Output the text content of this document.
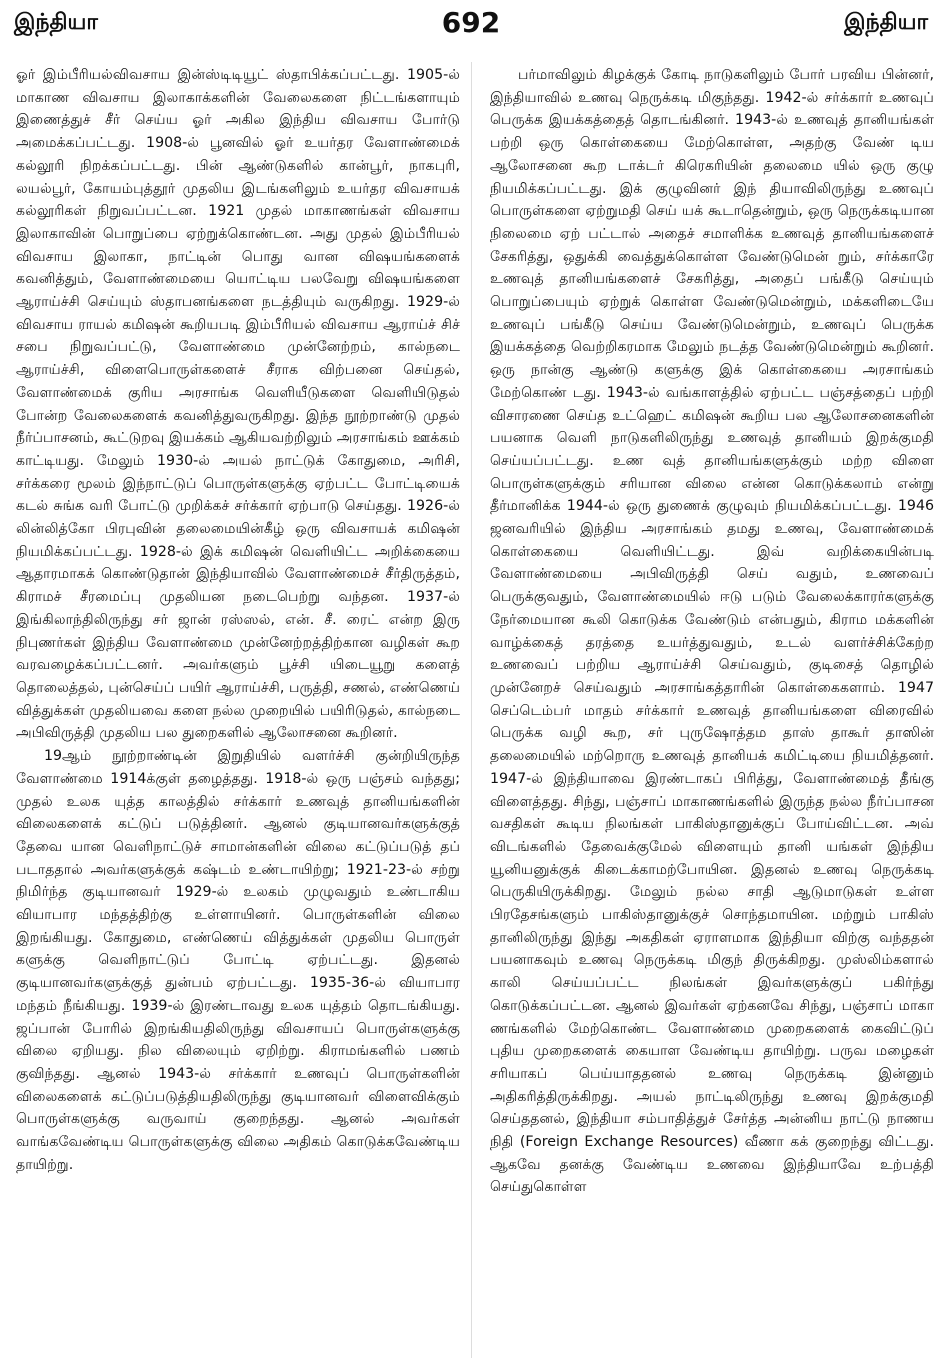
இந்தியா	692	இந்தியா

ஓர் இம்பீரியல்விவசாய இன்ஸ்டிடியூட் ஸ்தாபிக்கப்பட்டது. 1905-ல் மாகாண விவசாய இலாகாக்களின் வேலைகளை நிட்டங்களாயும் இணைத்துச் சீர் செய்ய ஓர் அகில இந்திய விவசாய போர்டு அமைக்கப்பட்டது. 1908-ல் பூனவில் ஓர் உயர்தர வேளாண்மைக் கல்லூரி நிறக்கப்பட்டது. பின் ஆண்டுகளில் கான்பூர், நாகபுரி, லயல்பூர், கோயம்புத்தூர் முதலிய இடங்களிலும் உயர்தர விவசாயக் கல்லூரிகள் நிறுவப்பட்டன. 1921 முதல் மாகாணங்கள் விவசாய இலாகாவின் பொறுப்பை ஏற்றுக்கொண்டன. அது முதல் இம்பீரியல் விவசாய இலாகா, நாட்டின் பொது வான விஷயங்களைக் கவனித்தும், வேளாண்மையை யொட்டிய பலவேறு விஷயங்களை ஆராய்ச்சி செய்யும் ஸ்தாபனங்களை நடத்தியும் வருகிறது. 1929-ல் விவசாய ராயல் கமிஷன் கூறியபடி இம்பீரியல் விவசாய ஆராய்ச் சிச் சபை நிறுவப்பட்டு, வேளாண்மை முன்னேற்றம், கால்நடை ஆராய்ச்சி, விளைபொருள்களைச் சீராக விற்பனை செய்தல், வேளாண்மைக் குரிய அரசாங்க வெளியீடுகளை வெளியிடுதல் போன்ற வேலைகளைக் கவனித்துவருகிறது. இந்த நூற்றாண்டு முதல் நீர்ப்பாசனம், கூட்டுறவு இயக்கம் ஆகியவற்றிலும் அரசாங்கம் ஊக்கம் காட்டியது. மேலும் 1930-ல் அயல் நாட்டுக் கோதுமை, அரிசி, சர்க்கரை மூலம் இந்நாட்டுப் பொருள்களுக்கு ஏற்பட்ட போட்டியைக் கடல் சுங்க வரி போட்டு முறிக்கச் சர்க்கார் ஏற்பாடு செய்தது. 1926-ல் லின்லித்கோ பிரபுவின் தலைமையின்கீழ் ஒரு விவசாயக் கமிஷன் நியமிக்கப்பட்டது. 1928-ல் இக் கமிஷன் வெளியிட்ட அறிக்கையை ஆதாரமாகக் கொண்டுதான் இந்தியாவில் வேளாண்மைச் சீர்திருத்தம், கிராமச் சீரமைப்பு முதலியன நடைபெற்று வந்தன. 1937-ல் இங்கிலாந்திலிருந்து சர் ஜான் ரஸ்ஸல், என். சீ. ரைட் என்ற இரு நிபுணர்கள் இந்திய வேளாண்மை முன்னேற்றத்திற்கான வழிகள் கூற வரவழைக்கப்பட்டனர். அவர்களும் பூச்சி யிடையூறு களைத் தொலைத்தல், புன்செய்ப் பயிர் ஆராய்ச்சி, பருத்தி, சணல், எண்ணெய் வித்துக்கள் முதலியவை களை நல்ல முறையில் பயிரிடுதல், கால்நடை அபிவிருத்தி முதலிய பல துறைகளில் ஆலோசனை கூறினர்.

19ஆம் நூற்றாண்டின் இறுதியில் வளர்ச்சி குன்றியிருந்த வேளாண்மை 1914க்குள் தழைத்தது. 1918-ல் ஒரு பஞ்சம் வந்தது; முதல் உலக யுத்த காலத்தில் சர்க்கார் உணவுத் தானியங்களின் விலைகளைக் கட்டுப் படுத்தினர். ஆனல் குடியானவர்களுக்குத் தேவை யான வெளிநாட்டுச் சாமான்களின் விலை கட்டுப்படுத் தப் படாததால் அவர்களுக்குக் கஷ்டம் உண்டாயிற்று; 1921-23-ல் சற்று நிமிர்ந்த குடியானவர் 1929-ல் உலகம் முழுவதும் உண்டாகிய வியாபார மந்தத்திற்கு உள்ளாயினர். பொருள்களின் விலை இறங்கியது. கோதுமை, எண்ணெய் வித்துக்கள் முதலிய பொருள் களுக்கு வெளிநாட்டுப் போட்டி ஏற்பட்டது. இதனல் குடியானவர்களுக்குத் துன்பம் ஏற்பட்டது. 1935-36-ல் வியாபார மந்தம் நீங்கியது. 1939-ல் இரண்டாவது உலக யுத்தம் தொடங்கியது. ஜப்பான் போரில் இறங்கியதிலிருந்து விவசாயப் பொருள்களுக்கு விலை ஏறியது. நில விலையும் ஏறிற்று. கிராமங்களில் பணம் குவிந்தது. ஆனல் 1943-ல் சர்க்கார் உணவுப் பொருள்களின் விலைகளைக் கட்டுப்படுத்தியதிலிருந்து குடியானவர் விளைவிக்கும் பொருள்களுக்கு வருவாய் குறைந்தது. ஆனல் அவர்கள் வாங்கவேண்டிய பொருள்களுக்கு விலை அதிகம் கொடுக்கவேண்டிய தாயிற்று.

பர்மாவிலும் கிழக்குக் கோடி நாடுகளிலும் போர் பரவிய பின்னர், இந்தியாவில் உணவு நெருக்கடி மிகுந்தது. 1942-ல் சர்க்கார் உணவுப் பெருக்க இயக்கத்தைத் தொடங்கினர். 1943-ல் உணவுத் தானியங்கள் பற்றி ஒரு கொள்கையை மேற்கொள்ள, அதற்கு வேண் டிய ஆலோசனை கூற டாக்டர் கிரெகரியின் தலைமை யில் ஒரு குழு நியமிக்கப்பட்டது. இக் குழுவினர் இந் தியாவிலிருந்து உணவுப் பொருள்களை ஏற்றுமதி செய் யக் கூடாதென்றும், ஒரு நெருக்கடியான நிலைமை ஏற் பட்டால் அதைச் சமாளிக்க உணவுத் தானியங்களைச் சேகரித்து, ஒதுக்கி வைத்துக்கொள்ள வேண்டுமென் றும், சர்க்காரே உணவுத் தானியங்களைச் சேகரித்து, அதைப் பங்கீடு செய்யும் பொறுப்பையும் ஏற்றுக் கொள்ள வேண்டுமென்றும், மக்களிடையே உணவுப் பங்கீடு செய்ய வேண்டுமென்றும், உணவுப் பெருக்க இயக்கத்தை வெற்றிகரமாக மேலும் நடத்த வேண்டுமென்றும் கூறினர். ஒரு நான்கு ஆண்டு களுக்கு இக் கொள்கையை அரசாங்கம் மேற்கொண் டது. 1943-ல் வங்காளத்தில் ஏற்பட்ட பஞ்சத்தைப் பற்றி விசாரணை செய்த உட்ஹெட் கமிஷன் கூறிய பல ஆலோசனைகளின் பயனாக வெளி நாடுகளிலிருந்து உணவுத் தானியம் இறக்குமதி செய்யப்பட்டது. உண வுத் தானியங்களுக்கும் மற்ற விளை பொருள்களுக்கும் சரியான விலை என்ன கொடுக்கலாம் என்று தீர்மானிக்க 1944-ல் ஒரு துணைக் குழுவும் நியமிக்கப்பட்டது. 1946 ஜனவரியில் இந்திய அரசாங்கம் தமது உணவு, வேளாண்மைக் கொள்கையை வெளியிட்டது. இவ் வறிக்கையின்படி வேளாண்மையை அபிவிருத்தி செய் வதும், உணவைப் பெருக்குவதும், வேளாண்மையில் ஈடு படும் வேலைக்காரர்களுக்கு நேர்மையான கூலி கொடுக்க வேண்டும் என்பதும், கிராம மக்களின் வாழ்க்கைத் தரத்தை உயர்த்துவதும், உடல் வளர்ச்சிக்கேற்ற உணவைப் பற்றிய ஆராய்ச்சி செய்வதும், குடிசைத் தொழில் முன்னேறச் செய்வதும் அரசாங்கத்தாரின் கொள்கைகளாம். 1947 செப்டெம்பர் மாதம் சர்க்கார் உணவுத் தானியங்களை விரைவில் பெருக்க வழி கூற, சர் புருஷோத்தம தாஸ் தாகூர் தாஸின் தலைமையில் மற்றொரு உணவுத் தானியக் கமிட்டியை நியமித்தனர். 1947-ல் இந்தியாவை இரண்டாகப் பிரித்து, வேளாண்மைத் தீங்கு விளைத்தது. சிந்து, பஞ்சாப் மாகாணங்களில் இருந்த நல்ல நீர்ப்பாசன வசதிகள் கூடிய நிலங்கள் பாகிஸ்தானுக்குப் போய்விட்டன. அவ் விடங்களில் தேவைக்குமேல் விளையும் தானி யங்கள் இந்திய யூனியனுக்குக் கிடைக்காமற்போயின. இதனல் உணவு நெருக்கடி பெருகியிருக்கிறது. மேலும் நல்ல சாதி ஆடுமாடுகள் உள்ள பிரதேசங்களும் பாகிஸ்தானுக்குச் சொந்தமாயின. மற்றும் பாகிஸ் தானிலிருந்து இந்து அகதிகள் ஏராளமாக இந்தியா விற்கு வந்ததன் பயனாகவும் உணவு நெருக்கடி மிகுந் திருக்கிறது. முஸ்லிம்களால் காலி செய்யப்பட்ட நிலங்கள் இவர்களுக்குப் பகிர்ந்து கொடுக்கப்பட்டன. ஆனல் இவர்கள் ஏற்கனவே சிந்து, பஞ்சாப் மாகா ணங்களில் மேற்கொண்ட வேளாண்மை முறைகளைக் கைவிட்டுப் புதிய முறைகளைக் கையாள வேண்டிய தாயிற்று. பருவ மழைகள் சரியாகப் பெய்யாததனல் உணவு நெருக்கடி இன்னும் அதிகரித்திருக்கிறது. அயல் நாட்டிலிருந்து உணவு இறக்குமதி செய்ததனல், இந்தியா சம்பாதித்துச் சேர்த்த அன்னிய நாட்டு நாணய நிதி (Foreign Exchange Resources) வீணா கக் குறைந்து விட்டது. ஆகவே தனக்கு வேண்டிய உணவை இந்தியாவே உற்பத்தி செய்துகொள்ள
